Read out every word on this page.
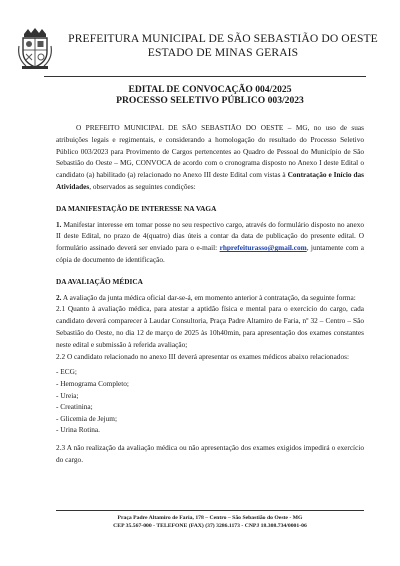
PREFEITURA MUNICIPAL DE SÃO SEBASTIÃO DO OESTE
ESTADO DE MINAS GERAIS
EDITAL DE CONVOCAÇÃO 004/2025
PROCESSO SELETIVO PÚBLICO 003/2023

O PREFEITO MUNICIPAL DE SÃO SEBASTIÃO DO OESTE – MG, no uso de suas atribuições legais e regimentais, e considerando a homologação do resultado do Processo Seletivo Público 003/2023 para Provimento de Cargos pertencentes ao Quadro de Pessoal do Município de São Sebastião do Oeste – MG, CONVOCA de acordo com o cronograma disposto no Anexo I deste Edital o candidato (a) habilitado (a) relacionado no Anexo III deste Edital com vistas à Contratação e Início das Atividades, observados as seguintes condições:

DA MANIFESTAÇÃO DE INTERESSE NA VAGA

1. Manifestar interesse em tomar posse no seu respectivo cargo, através do formulário disposto no anexo II deste Edital, no prazo de 4(quatro) dias úteis a contar da data de publicação do presente edital. O formulário assinado deverá ser enviado para o e-mail: rhprefeiturasso@gmail.com, juntamente com a cópia de documento de identificação.

DA AVALIAÇÃO MÉDICA

2. A avaliação da junta médica oficial dar-se-á, em momento anterior à contratação, da seguinte forma:

2.1 Quanto à avaliação médica, para atestar a aptidão física e mental para o exercício do cargo, cada candidato deverá comparecer à Laudar Consultoria, Praça Padre Altamiro de Faria, nº 32 – Centro – São Sebastião do Oeste, no dia 12 de março de 2025 às 10h40min, para apresentação dos exames constantes neste edital e submissão à referida avaliação;

2.2 O candidato relacionado no anexo III deverá apresentar os exames médicos abaixo relacionados:

- ECG;
- Hemograma Completo;
- Ureia;
- Creatinina;
- Glicemia de Jejum;
- Urina Rotina.

2.3 A não realização da avaliação médica ou não apresentação dos exames exigidos impedirá o exercício do cargo.

Praça Padre Altamiro de Faria, 178 – Centro – São Sebastião do Oeste - MG
CEP 35.567-000 - TELEFONE (FAX) (37) 3286.1173 - CNPJ 18.308.734/0001-06
